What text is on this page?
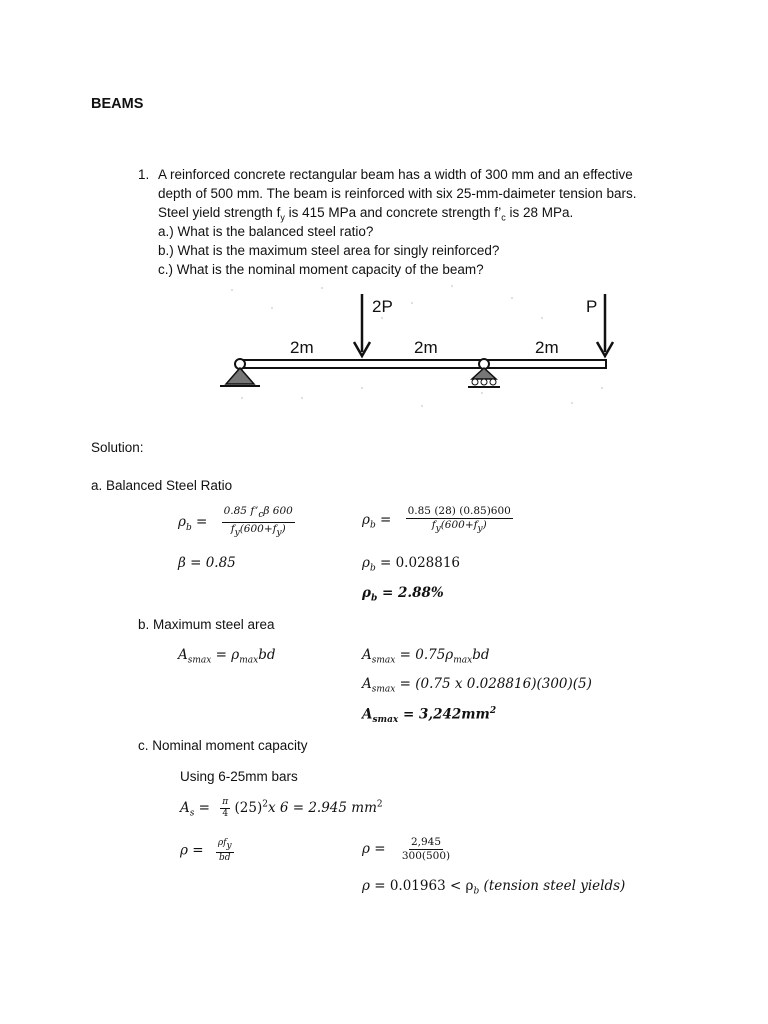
BEAMS
1. A reinforced concrete rectangular beam has a width of 300 mm and an effective
depth of 500 mm. The beam is reinforced with six 25-mm-daimeter tension bars.
Steel yield strength $f_y$ is 415 MPa and concrete strength $f’_c$ is 28 MPa.
a.) What is the balanced steel ratio?
b.) What is the maximum steel area for singly reinforced?
c.) What is the nominal moment capacity of the beam?
2P	P
2m	2m	2m
Solution:
a. Balanced Steel Ratio
$\rho_b = \frac{0.85 f’_c\beta 600}{f_y(600+f_y)}$	$\rho_b = \frac{0.85 (28) (0.85)600}{f_y(600+f_y)}$
β = 0.85	$\rho_b = 0.028816$
$\rho_b = 2.88\%$
b. Maximum steel area
$A_{smax} = \rho_{max}bd$	$A_{smax} = 0.75\rho_{max}bd$
$A_{smax} = (0.75$ x 0.028816)(300)(5)
$A_{smax} = 3,242mm^2$
c. Nominal moment capacity
Using 6-25mm bars
$A_s = \frac{\pi}{4} (25)^2x$ 6 = 2.945 $mm^2$
$\rho = \frac{\rho f_y}{bd}$	$\rho = \frac{2,945}{300(500)}$
$\rho = 0.01963 < \rho_b$ (tension steel yields)
